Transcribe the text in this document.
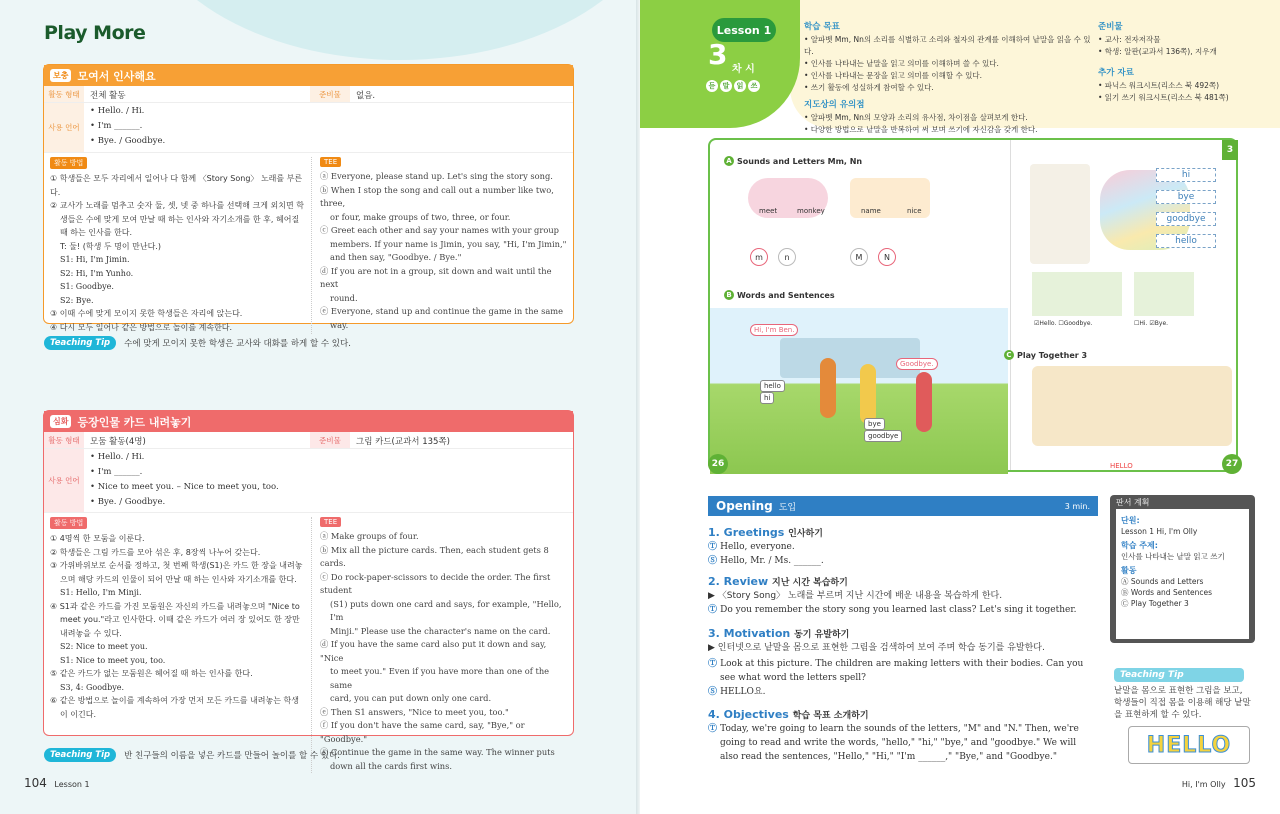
Play More
보충 모여서 인사해요
활동 형태	전체 활동	준비물	없음.
사용 언어
• Hello. / Hi.
• I'm ______.
• Bye. / Goodbye.
활동 방법
① 학생들은 모두 자리에서 일어나 다 함께 〈Story Song〉 노래를 부른다.
② 교사가 노래를 멈추고 숫자 둘, 셋, 넷 중 하나를 선택해 크게 외치면 학
생들은 수에 맞게 모여 만날 때 하는 인사와 자기소개를 한 후, 헤어질
때 하는 인사를 한다.
T: 둘! (학생 두 명이 만난다.)
S1: Hi, I'm Jimin.
S2: Hi, I'm Yunho.
S1: Goodbye.
S2: Bye.
③ 이때 수에 맞게 모이지 못한 학생들은 자리에 앉는다.
④ 다시 모두 일어나 같은 방법으로 놀이를 계속한다.
TEE
ⓐ Everyone, please stand up. Let's sing the story song.
ⓑ When I stop the song and call out a number like two, three,
or four, make groups of two, three, or four.
ⓒ Greet each other and say your names with your group
members. If your name is Jimin, you say, "Hi, I'm Jimin,"
and then say, "Goodbye. / Bye."
ⓓ If you are not in a group, sit down and wait until the next
round.
ⓔ Everyone, stand up and continue the game in the same
way.
Teaching Tip	수에 맞게 모이지 못한 학생은 교사와 대화를 하게 할 수 있다.
심화 등장인물 카드 내려놓기
활동 형태	모둠 활동(4명)	준비물	그림 카드(교과서 135쪽)
사용 언어
• Hello. / Hi.
• I'm ______.
• Nice to meet you. – Nice to meet you, too.
• Bye. / Goodbye.
활동 방법
① 4명씩 한 모둠을 이룬다.
② 학생들은 그림 카드를 모아 섞은 후, 8장씩 나누어 갖는다.
③ 가위바위보로 순서를 정하고, 첫 번째 학생(S1)은 카드 한 장을 내려놓
으며 해당 카드의 인물이 되어 만날 때 하는 인사와 자기소개를 한다.
S1: Hello, I'm Minji.
④ S1과 같은 카드를 가진 모둠원은 자신의 카드를 내려놓으며 "Nice to
meet you."라고 인사한다. 이때 같은 카드가 여러 장 있어도 한 장만
내려놓을 수 있다.
S2: Nice to meet you.
S1: Nice to meet you, too.
⑤ 같은 카드가 없는 모둠원은 헤어질 때 하는 인사를 한다.
S3, 4: Goodbye.
⑥ 같은 방법으로 놀이를 계속하여 가장 먼저 모든 카드를 내려놓는 학생
이 이긴다.
TEE
ⓐ Make groups of four.
ⓑ Mix all the picture cards. Then, each student gets 8 cards.
ⓒ Do rock-paper-scissors to decide the order. The first student
(S1) puts down one card and says, for example, "Hello, I'm
Minji." Please use the character's name on the card.
ⓓ If you have the same card also put it down and say, "Nice
to meet you." Even if you have more than one of the same
card, you can put down only one card.
ⓔ Then S1 answers, "Nice to meet you, too."
ⓕ If you don't have the same card, say, "Bye," or "Goodbye."
ⓖ Continue the game in the same way. The winner puts
down all the cards first wins.
Teaching Tip	반 친구들의 이름을 넣은 카드를 만들어 놀이를 할 수 있다.
104 Lesson 1
Lesson 1
3 차 시
듣	말	읽	쓰
학습 목표
• 알파벳 Mm, Nn의 소리를 식별하고 소리와 철자의 관계를 이해하여 낱말을 읽을 수 있다.
• 인사를 나타내는 낱말을 읽고 의미를 이해하며 쓸 수 있다.
• 인사를 나타내는 문장을 읽고 의미를 이해할 수 있다.
• 쓰기 활동에 성실하게 참여할 수 있다.
지도상의 유의점
• 알파벳 Mm, Nn의 모양과 소리의 유사점, 차이점을 살펴보게 한다.
• 다양한 방법으로 낱말을 반복하여 써 보며 쓰기에 자신감을 갖게 한다.
준비물
• 교사: 전자저작물
• 학생: 알판(교과서 136쪽), 지우개
추가 자료
• 파닉스 워크시트(리소스 북 492쪽)
• 읽기 쓰기 워크시트(리소스 북 481쪽)
A Sounds and Letters Mm, Nn
meet	monkey	name	nice
m	n	M	N
B Words and Sentences
Hi, I'm Ben.
Goodbye.
hello
hi
bye
goodbye
hi
bye
goodbye
hello
☑Hello. ☐Goodbye.	☐Hi. ☑Bye.
C Play Together 3
HELLO
26	27
3
Opening 도입	3 min.
1. Greetings 인사하기
Ⓣ Hello, everyone.
Ⓢ Hello, Mr. / Ms. ______.
2. Review 지난 시간 복습하기
▶ 〈Story Song〉 노래를 부르며 지난 시간에 배운 내용을 복습하게 한다.
Ⓣ Do you remember the story song you learned last class? Let's sing it together.
3. Motivation 동기 유발하기
▶ 인터넷으로 낱말을 몸으로 표현한 그림을 검색하여 보여 주며 학습 동기를 유발한다.
Ⓣ Look at this picture. The children are making letters with their bodies. Can you
see what word the letters spell?
Ⓢ HELLO요.
4. Objectives 학습 목표 소개하기
Ⓣ Today, we're going to learn the sounds of the letters, "M" and "N." Then, we're
going to read and write the words, "hello," "hi," "bye," and "goodbye." We will
also read the sentences, "Hello," "Hi," "I'm ______," "Bye," and "Goodbye."
판서 계획
단원:
Lesson 1 Hi, I'm Olly
학습 주제:
인사를 나타내는 낱말 읽고 쓰기
활동
Ⓐ Sounds and Letters
Ⓑ Words and Sentences
Ⓒ Play Together 3
Teaching Tip
낱말을 몸으로 표현한 그림을 보고, 학생들이 직접 몸을 이용해 해당 낱말을 표현하게 할 수 있다.
HELLO
Hi, I'm Olly 105
